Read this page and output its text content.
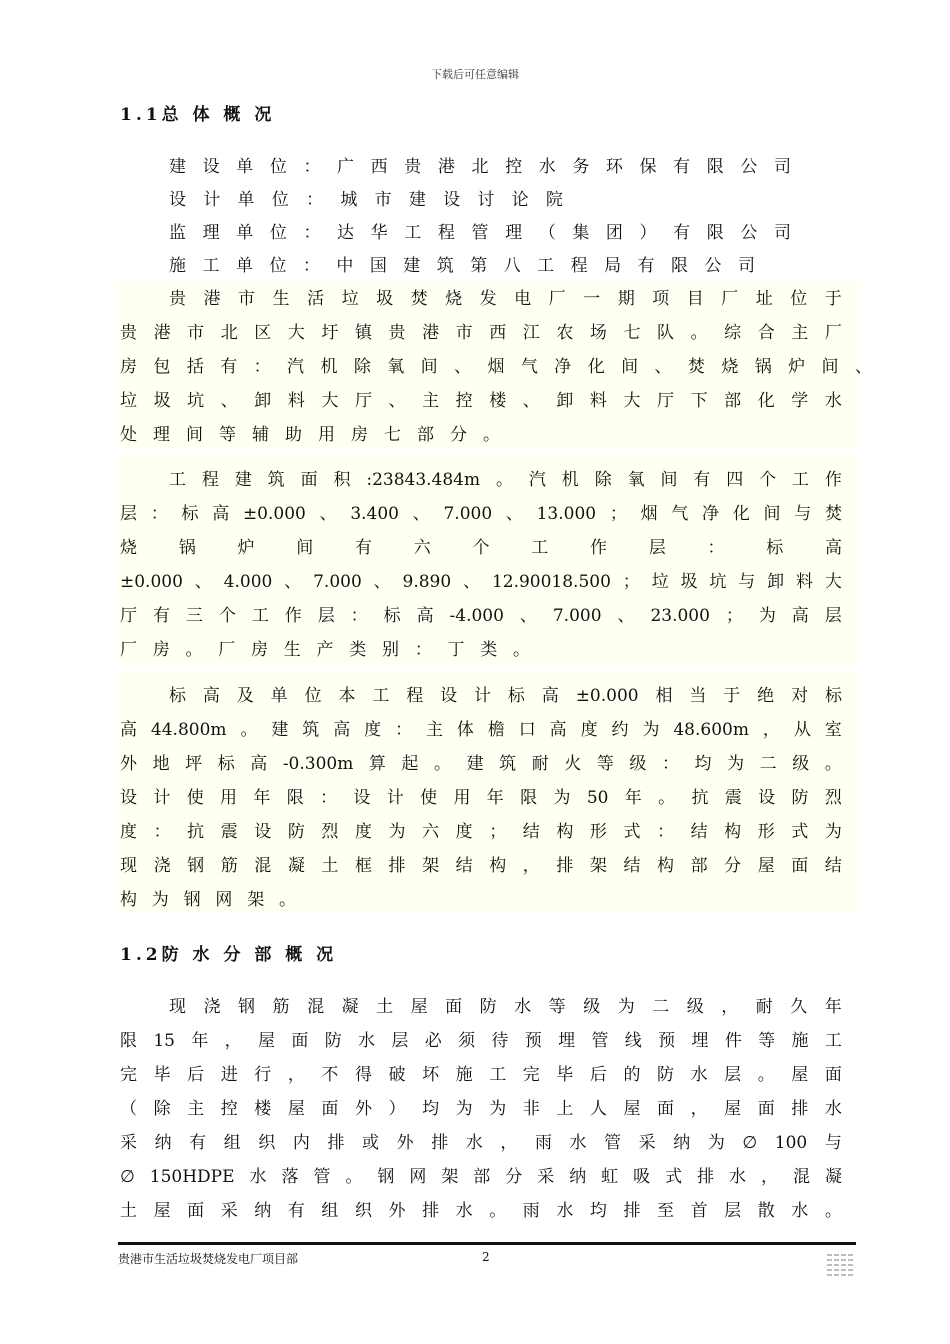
下载后可任意编辑
1.1总 体 概 况
建 设 单 位 ： 广 西 贵 港 北 控 水 务 环 保 有 限 公 司
设 计 单 位 ： 城 市 建 设 讨 论 院
监 理 单 位 ： 达 华 工 程 管 理 （ 集 团 ） 有 限 公 司
施 工 单 位 ： 中 国 建 筑 第 八 工 程 局 有 限 公 司
贵 港 市 生 活 垃 圾 焚 烧 发 电 厂 一 期 项 目 厂 址 位 于
贵 港 市 北 区 大 圩 镇 贵 港 市 西 江 农 场 七 队 。 综 合 主 厂
房 包 括 有 ： 汽 机 除 氧 间 、 烟 气 净 化 间 、 焚 烧 锅 炉 间 、
垃 圾 坑 、 卸 料 大 厅 、 主 控 楼 、 卸 料 大 厅 下 部 化 学 水
处 理 间 等 辅 助 用 房 七 部 分 。
工 程 建 筑 面 积 :23843.484m 。 汽 机 除 氧 间 有 四 个 工 作
层 ： 标 高 ±0.000 、 3.400 、 7.000 、 13.000 ； 烟 气 净 化 间 与 焚
烧 锅 炉 间 有 六 个 工 作 层 ： 标 高
±0.000 、 4.000 、 7.000 、 9.890 、 12.90018.500 ； 垃 圾 坑 与 卸 料 大
厅 有 三 个 工 作 层 ： 标 高 -4.000 、 7.000 、 23.000 ； 为 高 层
厂 房 。 厂 房 生 产 类 别 ： 丁 类 。
标 高 及 单 位 本 工 程 设 计 标 高 ±0.000 相 当 于 绝 对 标
高 44.800m 。 建 筑 高 度 ： 主 体 檐 口 高 度 约 为 48.600m ， 从 室
外 地 坪 标 高 -0.300m 算 起 。 建 筑 耐 火 等 级 ： 均 为 二 级 。
设 计 使 用 年 限 ： 设 计 使 用 年 限 为 50 年 。 抗 震 设 防 烈
度 ： 抗 震 设 防 烈 度 为 六 度 ； 结 构 形 式 ： 结 构 形 式 为
现 浇 钢 筋 混 凝 土 框 排 架 结 构 ， 排 架 结 构 部 分 屋 面 结
构 为 钢 网 架 。
现 浇 钢 筋 混 凝 土 屋 面 防 水 等 级 为 二 级 ， 耐 久 年
限 15 年 ， 屋 面 防 水 层 必 须 待 预 埋 管 线 预 埋 件 等 施 工
完 毕 后 进 行 ， 不 得 破 坏 施 工 完 毕 后 的 防 水 层 。 屋 面
（ 除 主 控 楼 屋 面 外 ） 均 为 为 非 上 人 屋 面 ， 屋 面 排 水
采 纳 有 组 织 内 排 或 外 排 水 ， 雨 水 管 采 纳 为 ∅ 100 与
∅ 150HDPE 水 落 管 。 钢 网 架 部 分 采 纳 虹 吸 式 排 水 ， 混 凝
土 屋 面 采 纳 有 组 织 外 排 水 。 雨 水 均 排 至 首 层 散 水 。
贵港市生活垃圾焚烧发电厂项目部	2
1.2防 水 分 部 概 况
